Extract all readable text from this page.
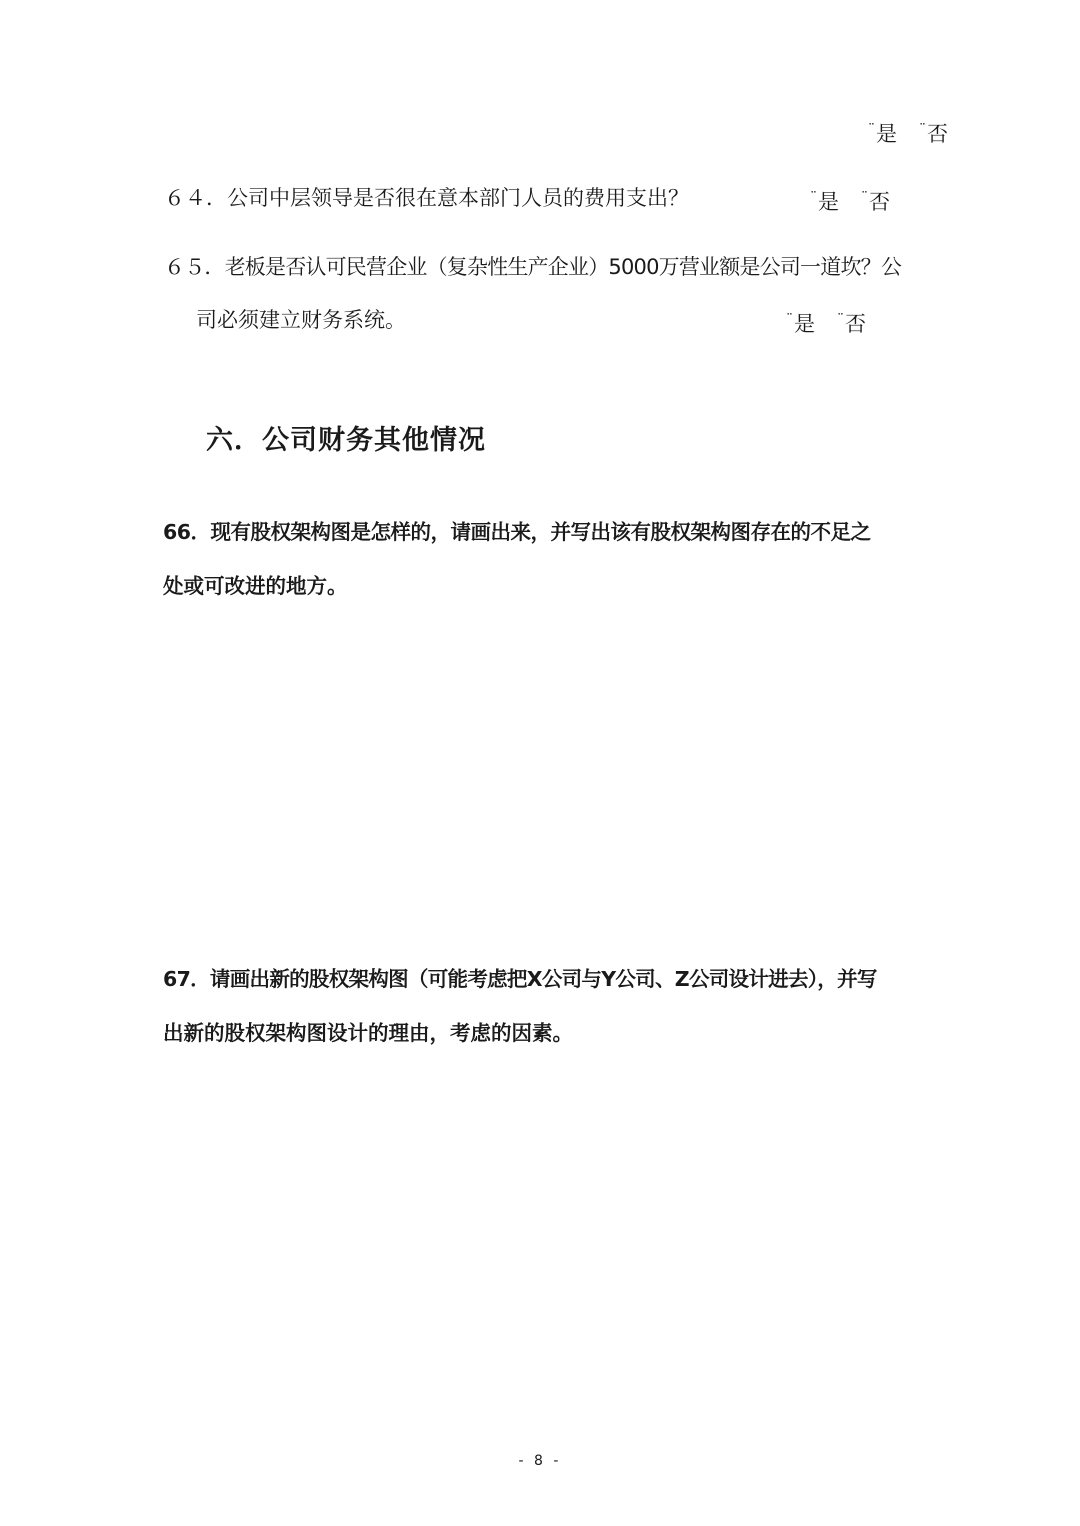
¨是 ¨否
６４．公司中层领导是否很在意本部门人员的费用支出？	¨是 ¨否
６５．老板是否认可民营企业（复杂性生产企业）5000万营业额是公司一道坎？公
司必须建立财务系统。	¨是 ¨否
六．公司财务其他情况
66．现有股权架构图是怎样的，请画出来，并写出该有股权架构图存在的不足之
处或可改进的地方。
67．请画出新的股权架构图（可能考虑把X公司与Y公司、Z公司设计进去），并写
出新的股权架构图设计的理由，考虑的因素。
- 8 -
